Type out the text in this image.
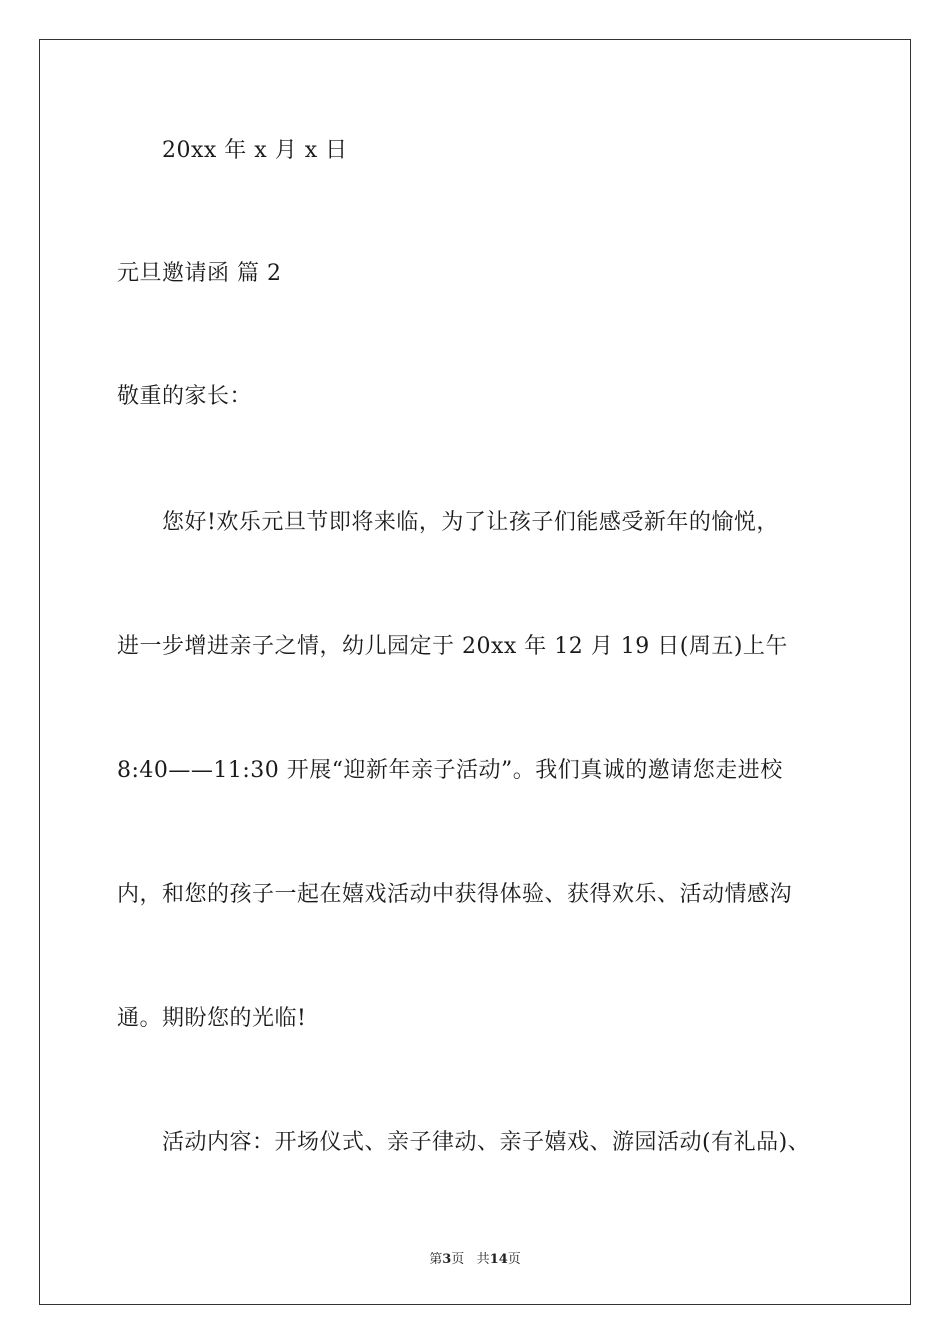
20xx 年 x 月 x 日
元旦邀请函 篇 2
敬重的家长：
您好!欢乐元旦节即将来临，为了让孩子们能感受新年的愉悦，
进一步增进亲子之情，幼儿园定于 20xx 年 12 月 19 日(周五)上午
8:40——11:30 开展“迎新年亲子活动”。我们真诚的邀请您走进校
内，和您的孩子一起在嬉戏活动中获得体验、获得欢乐、活动情感沟
通。期盼您的光临!
活动内容：开场仪式、亲子律动、亲子嬉戏、游园活动(有礼品)、
第3页 共14页
